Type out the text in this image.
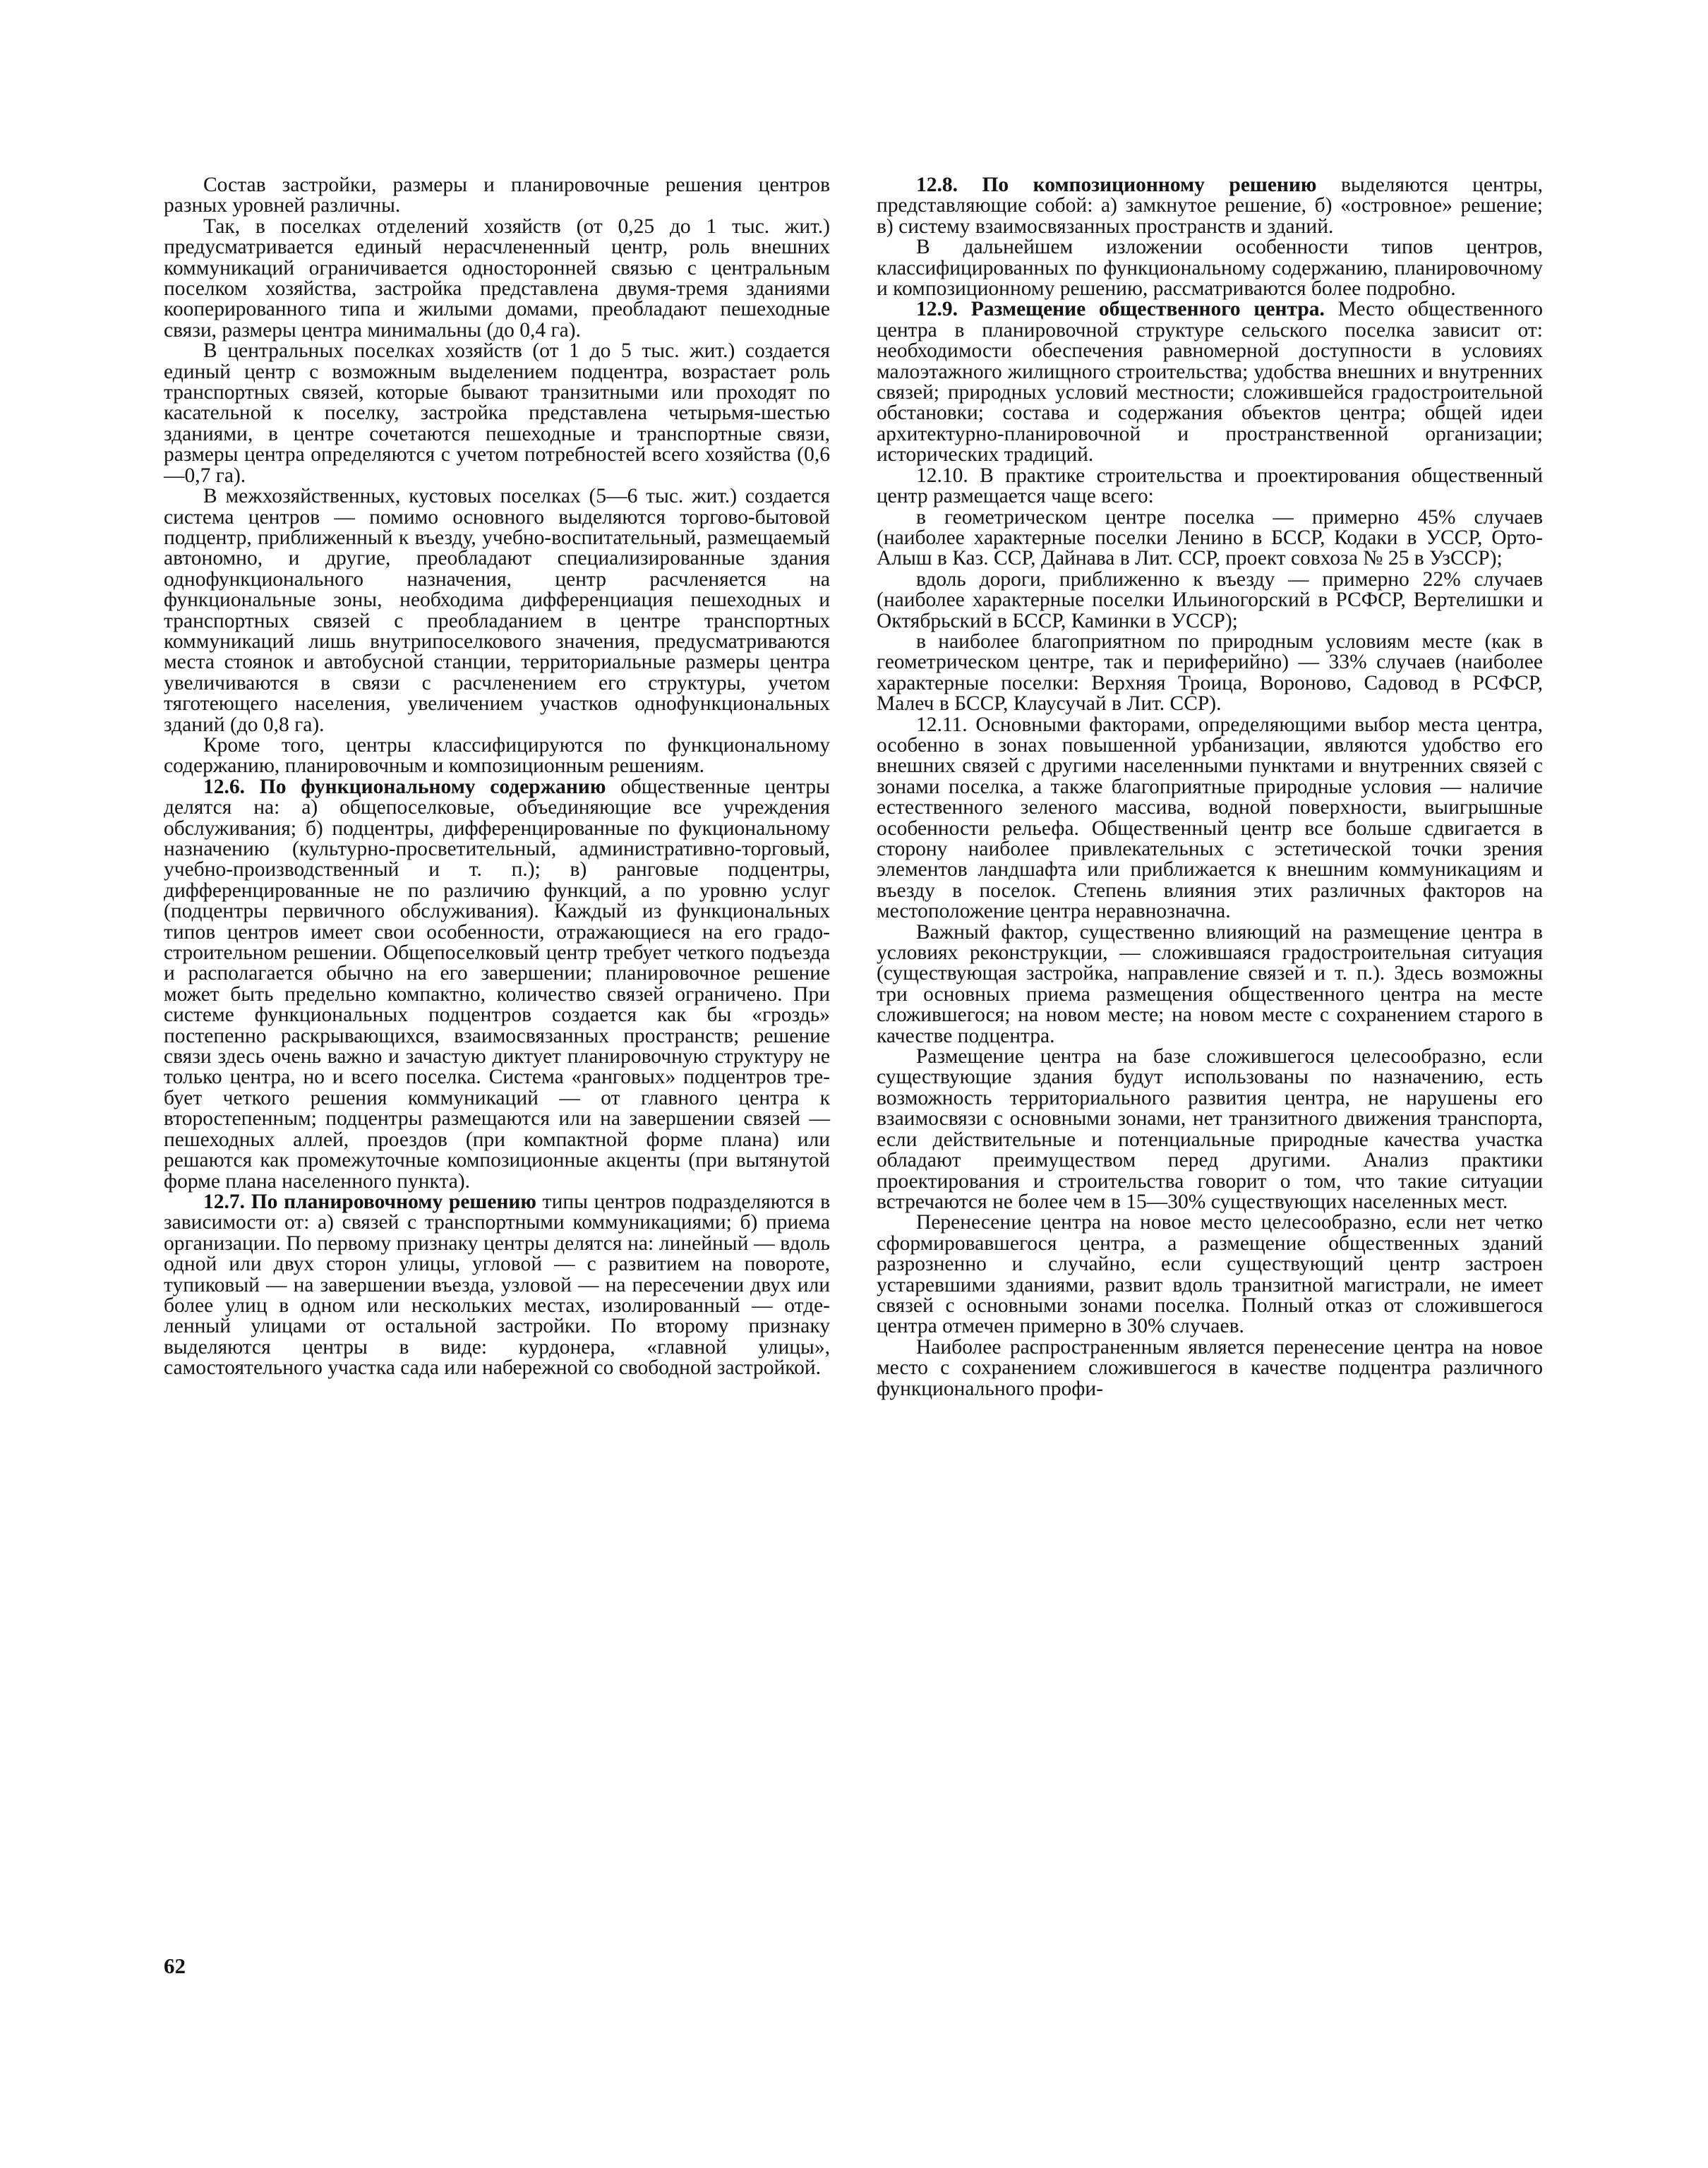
Состав застройки, размеры и планировочные решения центров разных уровней различны.

Так, в поселках отделений хозяйств (от 0,25 до 1 тыс. жит.) предусматривается единый нерасчлененный центр, роль внешних коммуникаций ограничивается односторонней связью с центральным поселком хозяйства, застройка представлена двумя-тремя зданиями кооперированного типа и жилыми домами, преобладают пешеходные связи, размеры центра минимальны (до 0,4 га).

В центральных поселках хозяйств (от 1 до 5 тыс. жит.) создается единый центр с возможным выделением подцентра, возрастает роль транспортных связей, которые бывают транзитными или проходят по касательной к поселку, застройка представлена четырьмя-шестью зданиями, в центре сочетаются пешеходные и транспортные связи, размеры центра определяются с учетом потребностей всего хозяйства (0,6—0,7 га).

В межхозяйственных, кустовых поселках (5—6 тыс. жит.) создается система центров — помимо основного выделяются торгово-бытовой подцентр, приближенный к въезду, учебно-воспитательный, размещаемый автономно, и другие, преобладают специализированные здания однофункционального назначения, центр расчленяется на функциональные зоны, необходима дифференциация пешеходных и транспортных связей с преобладанием в центре транспортных коммуникаций лишь внутрипоселкового значения, предусматриваются места стоянок и автобусной станции, территориальные размеры центра увеличиваются в связи с расчленением его структуры, учетом тяготеющего населения, увеличением участков однофункциональных зданий (до 0,8 га).

Кроме того, центры классифицируются по функциональному содержанию, планировочным и композиционным решениям.

12.6. По функциональному содержанию общественные центры делятся на: а) общепоселковые, объединяющие все учреждения обслуживания; б) подцентры, дифференцированные по фукциональному назначению (культурно-просветительный, административно-торговый, учебно-производственный и т. п.); в) ранговые подцентры, дифференцированные не по различию функций, а по уровню услуг (подцентры первичного обслуживания). Каждый из функциональных типов центров имеет свои особенности, отражающиеся на его градостроительном решении. Общепоселковый центр требует четкого подъезда и располагается обычно на его завершении; планировочное решение может быть предельно компактно, количество связей ограничено. При системе функциональных подцентров создается как бы «гроздь» постепенно раскрывающихся, взаимосвязанных пространств; решение связи здесь очень важно и зачастую диктует планировочную структуру не только центра, но и всего поселка. Система «ранговых» подцентров требует четкого решения коммуникаций — от главного центра к второстепенным; подцентры размещаются или на завершении связей — пешеходных аллей, проездов (при компактной форме плана) или решаются как промежуточные композиционные акценты (при вытянутой форме плана населенного пункта).

12.7. По планировочному решению типы центров подразделяются в зависимости от: а) связей с транспортными коммуникациями; б) приема организации. По первому признаку центры делятся на: линейный — вдоль одной или двух сторон улицы, угловой — с развитием на повороте, тупиковый — на завершении въезда, узловой — на пересечении двух или более улиц в одном или нескольких местах, изолированный — отделенный улицами от остальной застройки. По второму признаку выделяются центры в виде: курдонера, «главной улицы», самостоятельного участка сада или набережной со свободной застройкой.

12.8. По композиционному решению выделяются центры, представляющие собой: а) замкнутое решение, б) «островное» решение; в) систему взаимосвязанных пространств и зданий.

В дальнейшем изложении особенности типов центров, классифицированных по функциональному содержанию, планировочному и композиционному решению, рассматриваются более подробно.

12.9. Размещение общественного центра. Место общественного центра в планировочной структуре сельского поселка зависит от: необходимости обеспечения равномерной доступности в условиях малоэтажного жилищного строительства; удобства внешних и внутренних связей; природных условий местности; сложившейся градостроительной обстановки; состава и содержания объектов центра; общей идеи архитектурно-планировочной и пространственной организации; исторических традиций.

12.10. В практике строительства и проектирования общественный центр размещается чаще всего:

в геометрическом центре поселка — примерно 45% случаев (наиболее характерные поселки Ленино в БССР, Кодаки в УССР, Орто-Алыш в Каз. ССР, Дайнава в Лит. ССР, проект совхоза № 25 в УзССР);

вдоль дороги, приближенно к въезду — примерно 22% случаев (наиболее характерные поселки Ильиногорский в РСФСР, Вертелишки и Октябрьский в БССР, Каминки в УССР);

в наиболее благоприятном по природным условиям месте (как в геометрическом центре, так и периферийно) — 33% случаев (наиболее характерные поселки: Верхняя Троица, Вороново, Садовод в РСФСР, Малеч в БССР, Клаусучай в Лит. ССР).

12.11. Основными факторами, определяющими выбор места центра, особенно в зонах повышенной урбанизации, являются удобство его внешних связей с другими населенными пунктами и внутренних связей с зонами поселка, а также благоприятные природные условия — наличие естественного зеленого массива, водной поверхности, выигрышные особенности рельефа. Общественный центр все больше сдвигается в сторону наиболее привлекательных с эстетической точки зрения элементов ландшафта или приближается к внешним коммуникациям и въезду в поселок. Степень влияния этих различных факторов на местоположение центра неравнозначна.

Важный фактор, существенно влияющий на размещение центра в условиях реконструкции, — сложившаяся градостроительная ситуация (существующая застройка, направление связей и т. п.). Здесь возможны три основных приема размещения общественного центра на месте сложившегося; на новом месте; на новом месте с сохранением старого в качестве подцентра.

Размещение центра на базе сложившегося целесообразно, если существующие здания будут использованы по назначению, есть возможность территориального развития центра, не нарушены его взаимосвязи с основными зонами, нет транзитного движения транспорта, если действительные и потенциальные природные качества участка обладают преимуществом перед другими. Анализ практики проектирования и строительства говорит о том, что такие ситуации встречаются не более чем в 15—30% существующих населенных мест.

Перенесение центра на новое место целесообразно, если нет четко сформировавшегося центра, а размещение общественных зданий разрозненно и случайно, если существующий центр застроен устаревшими зданиями, развит вдоль транзитной магистрали, не имеет связей с основными зонами поселка. Полный отказ от сложившегося центра отмечен примерно в 30% случаев.

Наиболее распространенным является перенесение центра на новое место с сохранением сложившегося в качестве подцентра различного функционального профи-

62
